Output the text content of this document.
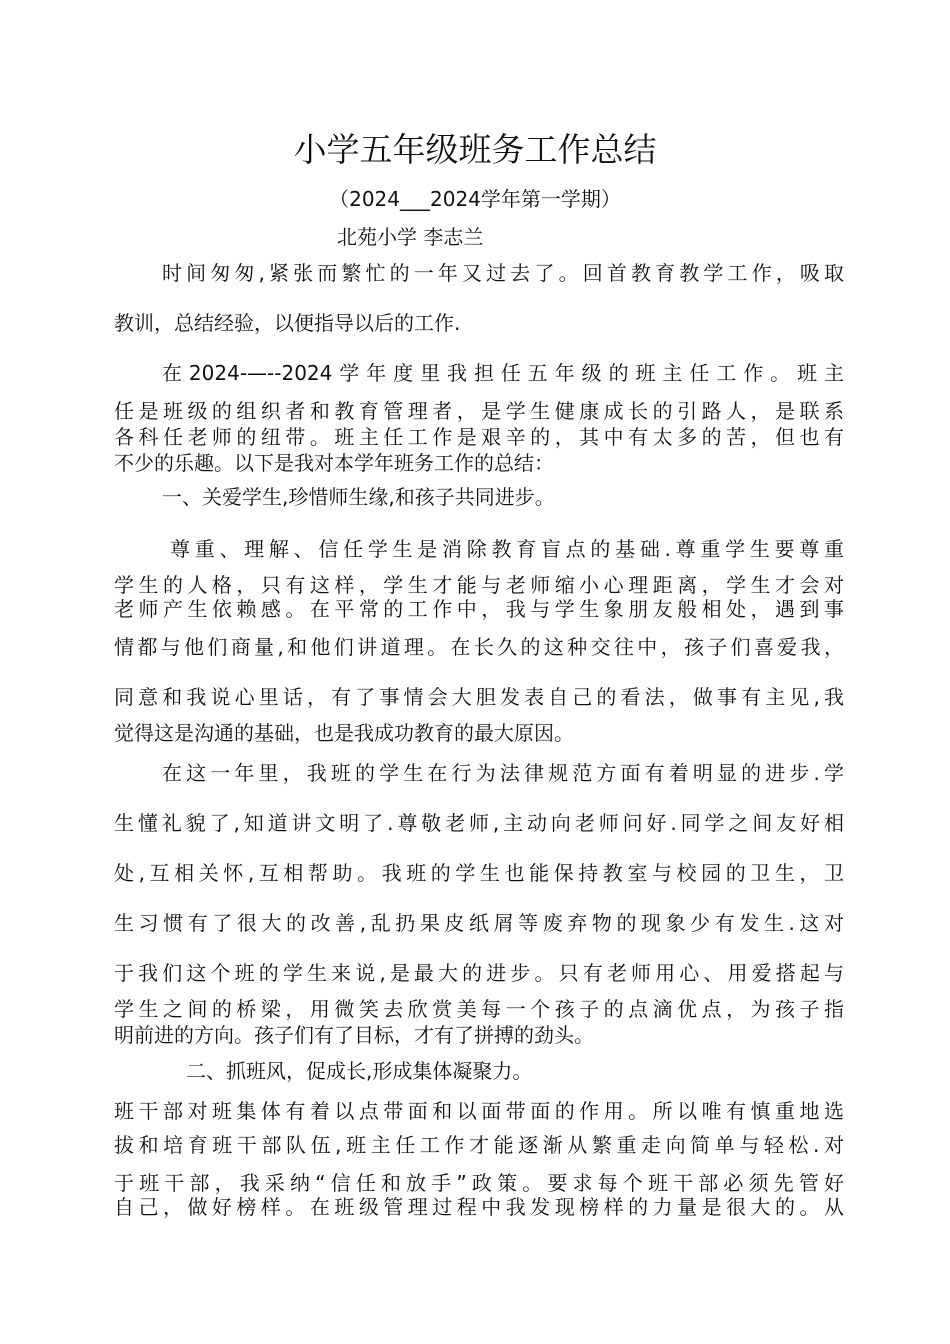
小学五年级班务工作总结
（2024___2024学年第一学期）
北苑小学 李志兰
时间匆匆,紧张而繁忙的一年又过去了。回首教育教学工作，吸取
教训，总结经验，以便指导以后的工作.
在2024-—--2024学年度里我担任五年级的班主任工作。班主
任是班级的组织者和教育管理者，是学生健康成长的引路人，是联系
各科任老师的纽带。班主任工作是艰辛的，其中有太多的苦，但也有
不少的乐趣。以下是我对本学年班务工作的总结：
一、关爱学生,珍惜师生缘,和孩子共同进步。
尊重、理解、信任学生是消除教育盲点的基础.尊重学生要尊重
学生的人格，只有这样，学生才能与老师缩小心理距离，学生才会对
老师产生依赖感。在平常的工作中，我与学生象朋友般相处，遇到事
情都与他们商量,和他们讲道理。在长久的这种交往中，孩子们喜爱我，
同意和我说心里话，有了事情会大胆发表自己的看法，做事有主见,我
觉得这是沟通的基础，也是我成功教育的最大原因。
在这一年里，我班的学生在行为法律规范方面有着明显的进步.学
生懂礼貌了,知道讲文明了.尊敬老师,主动向老师问好.同学之间友好相
处,互相关怀,互相帮助。我班的学生也能保持教室与校园的卫生，卫
生习惯有了很大的改善,乱扔果皮纸屑等废弃物的现象少有发生.这对
于我们这个班的学生来说,是最大的进步。只有老师用心、用爱搭起与
学生之间的桥梁，用微笑去欣赏美每一个孩子的点滴优点，为孩子指
明前进的方向。孩子们有了目标，才有了拼搏的劲头。
二、抓班风，促成长,形成集体凝聚力。
班干部对班集体有着以点带面和以面带面的作用。所以唯有慎重地选
拔和培育班干部队伍,班主任工作才能逐渐从繁重走向简单与轻松.对
于班干部，我采纳“信任和放手”政策。要求每个班干部必须先管好
自己，做好榜样。在班级管理过程中我发现榜样的力量是很大的。从
